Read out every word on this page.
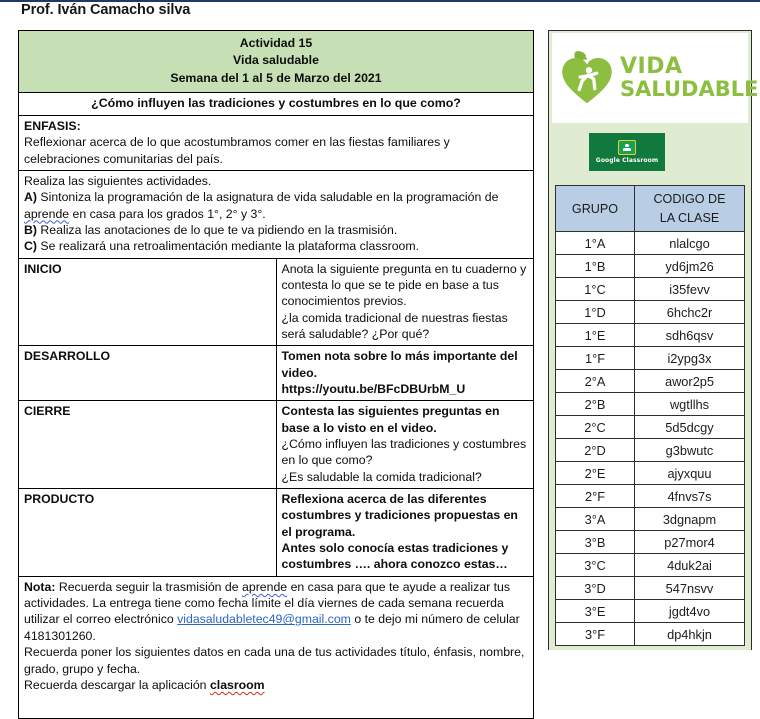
Prof. Iván Camacho silva
Actividad 15
Vida saludable
Semana del 1 al 5 de Marzo del 2021	

¿Cómo influyen las tradiciones y costumbres en lo que como?	
ENFASIS:
Reflexionar acerca de lo que acostumbramos comer en las fiestas familiares y celebraciones comunitarias del país.	

Realiza las siguientes actividades.
A) Sintoniza la programación de la asignatura de vida saludable en la programación de aprende en casa para los grados 1°, 2° y 3°.
B) Realiza las anotaciones de lo que te va pidiendo en la trasmisión.
C) Se realizará una retroalimentación mediante la plataforma classroom.	

INICIO	Anota la siguiente pregunta en tu cuaderno y contesta lo que se te pide en base a tus conocimientos previos.
¿la comida tradicional de nuestras fiestas será saludable? ¿Por qué?

DESARROLLO	Tomen nota sobre lo más importante del video.
https://youtu.be/BFcDBUrbM_U

CIERRE	Contesta las siguientes preguntas en base a lo visto en el video.
¿Cómo influyen las tradiciones y costumbres en lo que como?
¿Es saludable la comida tradicional?

PRODUCTO	Reflexiona acerca de las diferentes costumbres y tradiciones propuestas en el programa.
Antes solo conocía estas tradiciones y costumbres …. ahora conozco estas…

Nota: Recuerda seguir la trasmisión de aprende en casa para que te ayude a realizar tus actividades. La entrega tiene como fecha límite el día viernes de cada semana recuerda utilizar el correo electrónico vidasaludabletec49@gmail.com o te dejo mi número de celular 4181301260.
Recuerda poner los siguientes datos en cada una de tus actividades título, énfasis, nombre, grado, grupo y fecha.
Recuerda descargar la aplicación clasroom	
VIDA
SALUDABLE
Google Classroom
GRUPO	CODIGO DE
LA CLASE

1°A	nlalcgo
1°B	yd6jm26
1°C	i35fevv
1°D	6hchc2r
1°E	sdh6qsv
1°F	i2ypg3x
2°A	awor2p5
2°B	wgtllhs
2°C	5d5dcgy
2°D	g3bwutc
2°E	ajyxquu
2°F	4fnvs7s
3°A	3dgnapm
3°B	p27mor4
3°C	4duk2ai
3°D	547nsvv
3°E	jgdt4vo
3°F	dp4hkjn
